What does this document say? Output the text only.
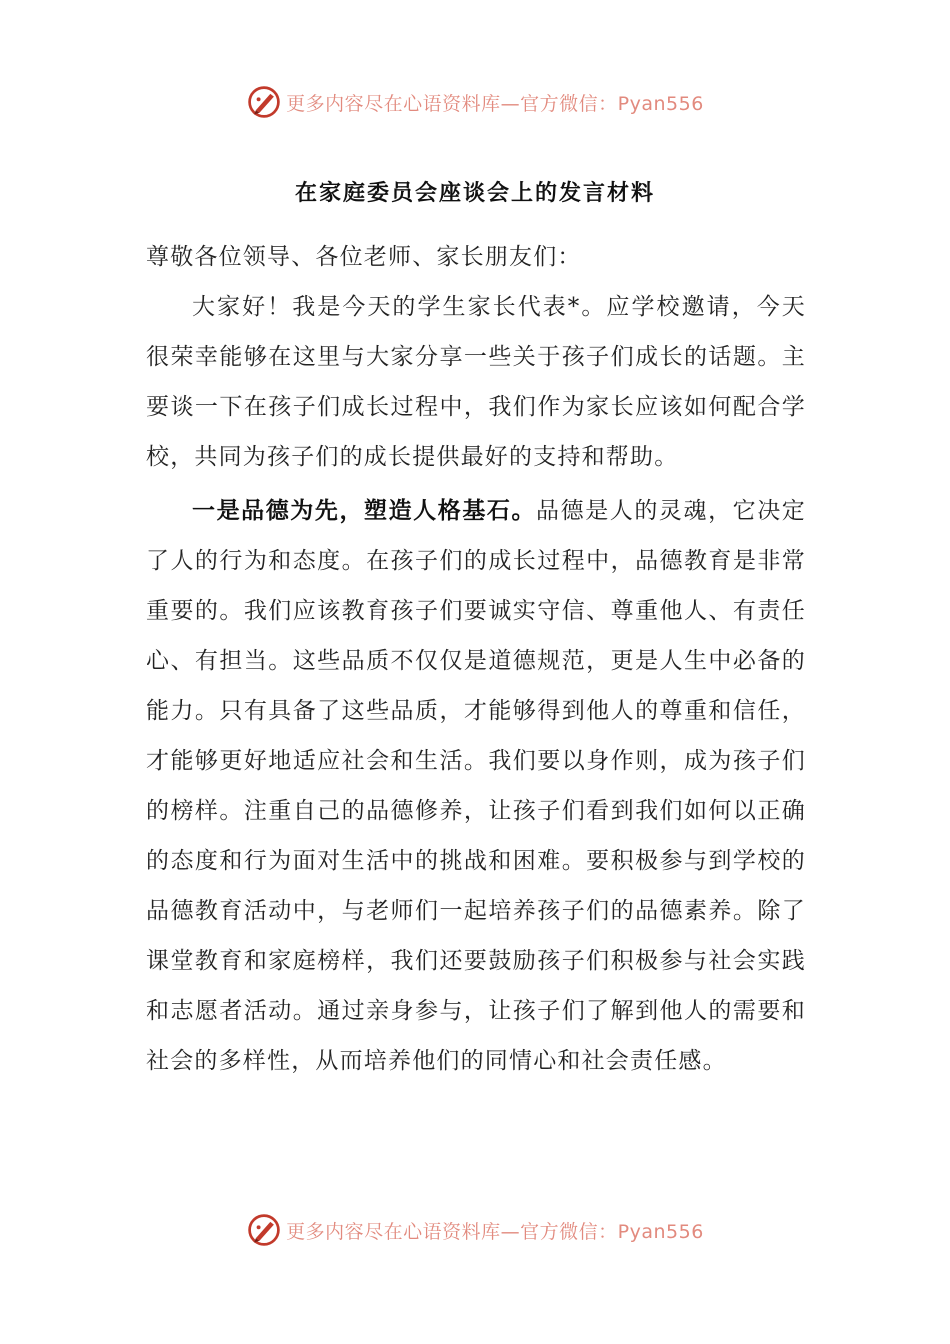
更多内容尽在心语资料库—官方微信：Pyan556
在家庭委员会座谈会上的发言材料

尊敬各位领导、各位老师、家长朋友们：

大家好！我是今天的学生家长代表*。应学校邀请，今天很荣幸能够在这里与大家分享一些关于孩子们成长的话题。主要谈一下在孩子们成长过程中，我们作为家长应该如何配合学校，共同为孩子们的成长提供最好的支持和帮助。

一是品德为先，塑造人格基石。品德是人的灵魂，它决定了人的行为和态度。在孩子们的成长过程中，品德教育是非常重要的。我们应该教育孩子们要诚实守信、尊重他人、有责任心、有担当。这些品质不仅仅是道德规范，更是人生中必备的能力。只有具备了这些品质，才能够得到他人的尊重和信任，才能够更好地适应社会和生活。我们要以身作则，成为孩子们的榜样。注重自己的品德修养，让孩子们看到我们如何以正确的态度和行为面对生活中的挑战和困难。要积极参与到学校的品德教育活动中，与老师们一起培养孩子们的品德素养。除了课堂教育和家庭榜样，我们还要鼓励孩子们积极参与社会实践和志愿者活动。通过亲身参与，让孩子们了解到他人的需要和社会的多样性，从而培养他们的同情心和社会责任感。

更多内容尽在心语资料库—官方微信：Pyan556
